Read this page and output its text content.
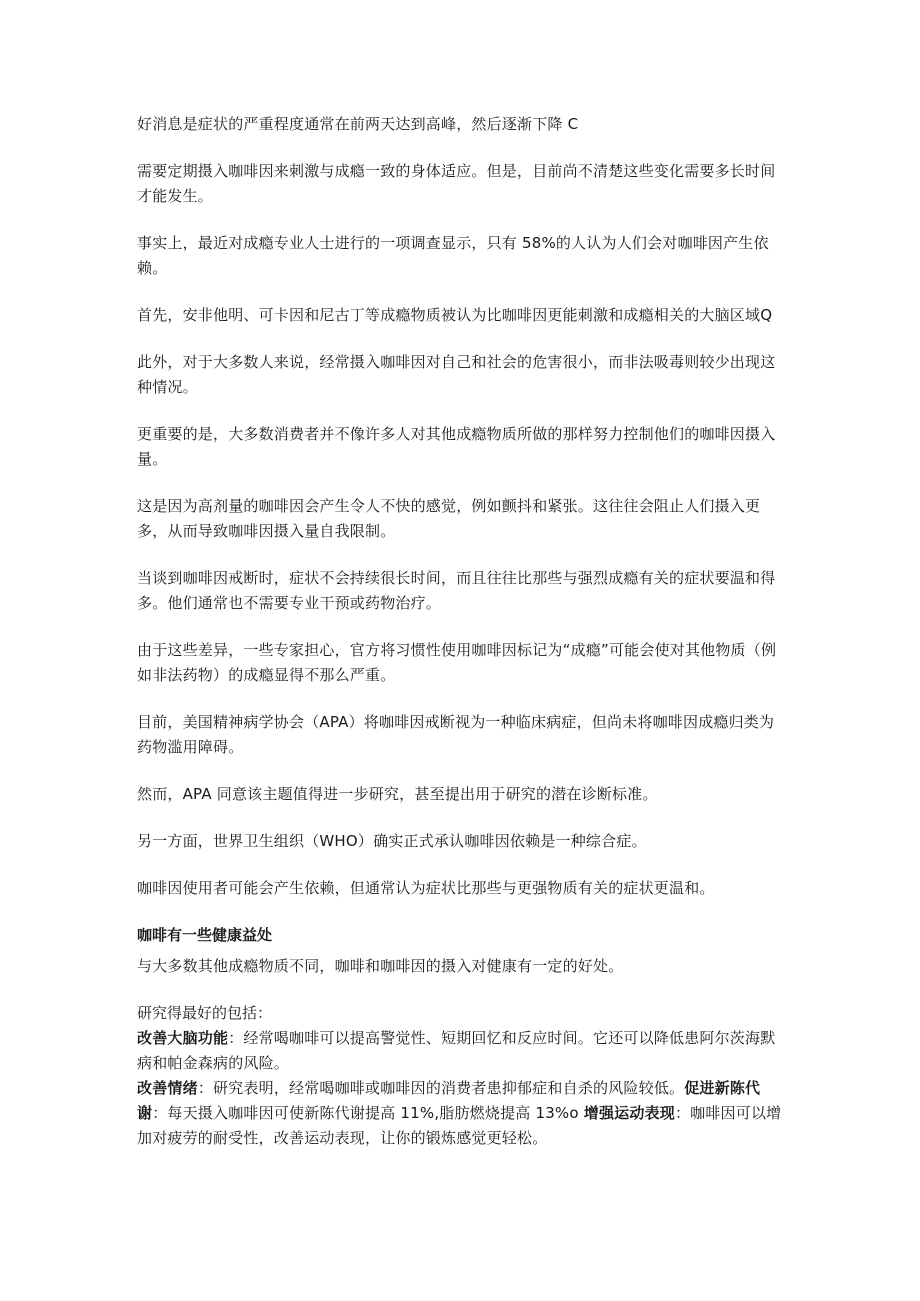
好消息是症状的严重程度通常在前两天达到高峰，然后逐渐下降 C

需要定期摄入咖啡因来刺激与成瘾一致的身体适应。但是，目前尚不清楚这些变化需要多长时间才能发生。

事实上，最近对成瘾专业人士进行的一项调查显示，只有 58%的人认为人们会对咖啡因产生依赖。

首先，安非他明、可卡因和尼古丁等成瘾物质被认为比咖啡因更能刺激和成瘾相关的大脑区域Q

此外，对于大多数人来说，经常摄入咖啡因对自己和社会的危害很小，而非法吸毒则较少出现这种情况。

更重要的是，大多数消费者并不像许多人对其他成瘾物质所做的那样努力控制他们的咖啡因摄入量。

这是因为高剂量的咖啡因会产生令人不快的感觉，例如颤抖和紧张。这往往会阻止人们摄入更多，从而导致咖啡因摄入量自我限制。

当谈到咖啡因戒断时，症状不会持续很长时间，而且往往比那些与强烈成瘾有关的症状要温和得多。他们通常也不需要专业干预或药物治疗。

由于这些差异，一些专家担心，官方将习惯性使用咖啡因标记为“成瘾”可能会使对其他物质（例如非法药物）的成瘾显得不那么严重。

目前，美国精神病学协会（APA）将咖啡因戒断视为一种临床病症，但尚未将咖啡因成瘾归类为药物滥用障碍。

然而，APA 同意该主题值得进一步研究，甚至提出用于研究的潜在诊断标准。

另一方面，世界卫生组织（WHO）确实正式承认咖啡因依赖是一种综合症。

咖啡因使用者可能会产生依赖，但通常认为症状比那些与更强物质有关的症状更温和。

咖啡有一些健康益处

与大多数其他成瘾物质不同，咖啡和咖啡因的摄入对健康有一定的好处。

研究得最好的包括：

改善大脑功能：经常喝咖啡可以提高警觉性、短期回忆和反应时间。它还可以降低患阿尔茨海默病和帕金森病的风险。

改善情绪：研究表明，经常喝咖啡或咖啡因的消费者患抑郁症和自杀的风险较低。促进新陈代谢：每天摄入咖啡因可使新陈代谢提高 11%,脂肪燃烧提高 13%o 增强运动表现：咖啡因可以增加对疲劳的耐受性，改善运动表现，让你的锻炼感觉更轻松。
